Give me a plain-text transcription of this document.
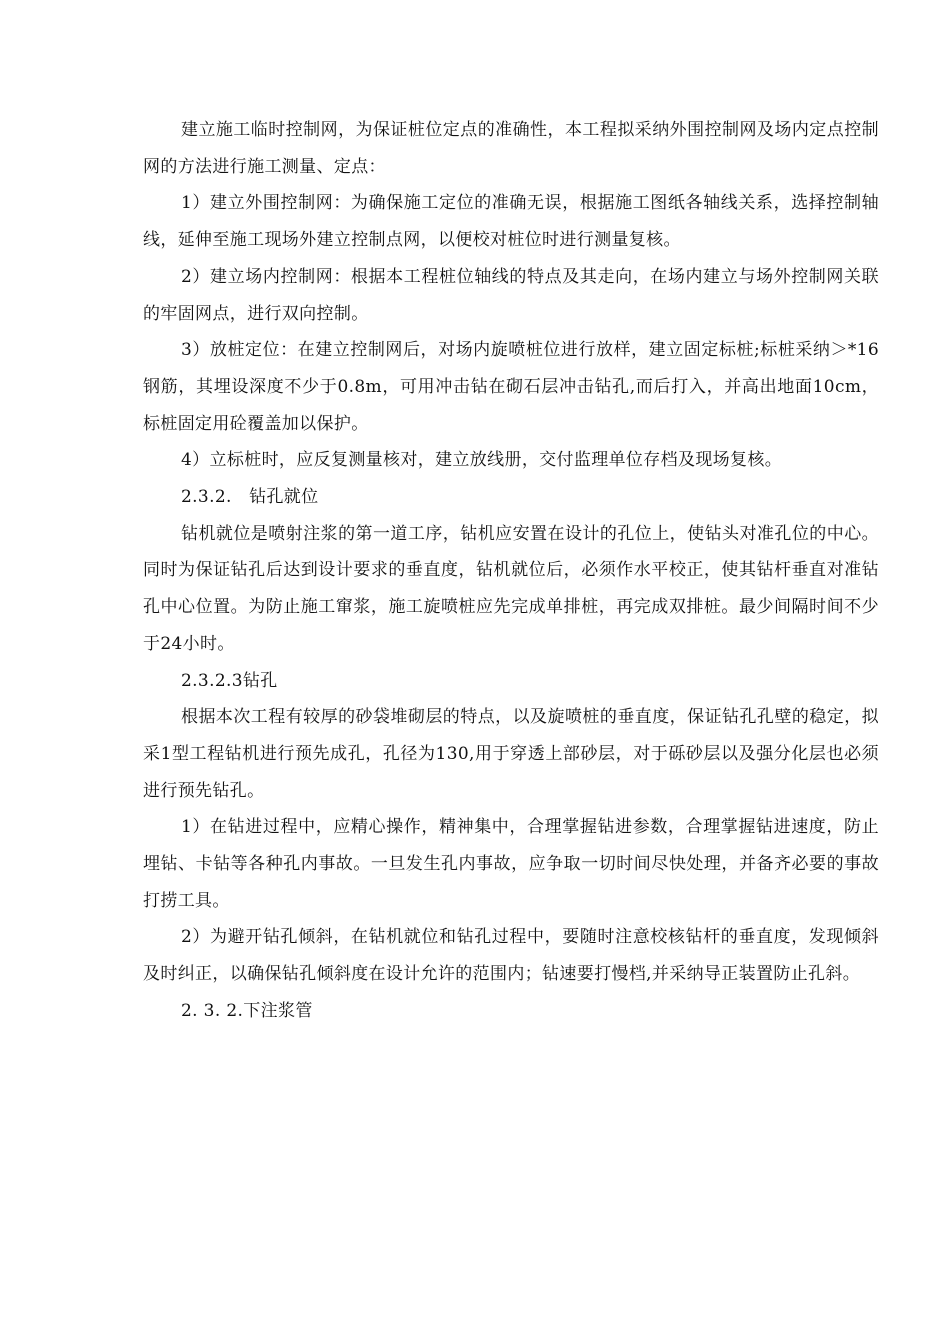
建立施工临时控制网，为保证桩位定点的准确性，本工程拟采纳外围控制网及场内定点控制网的方法进行施工测量、定点：

1）建立外围控制网：为确保施工定位的准确无误，根据施工图纸各轴线关系，选择控制轴线，延伸至施工现场外建立控制点网，以便校对桩位时进行测量复核。

2）建立场内控制网：根据本工程桩位轴线的特点及其走向，在场内建立与场外控制网关联的牢固网点，进行双向控制。

3）放桩定位：在建立控制网后，对场内旋喷桩位进行放样，建立固定标桩;标桩采纳＞*16钢筋，其埋设深度不少于0.8m，可用冲击钻在砌石层冲击钻孔,而后打入，并高出地面10cm，标桩固定用砼覆盖加以保护。

4）立标桩时，应反复测量核对，建立放线册，交付监理单位存档及现场复核。

2.3.2.　钻孔就位

钻机就位是喷射注浆的第一道工序，钻机应安置在设计的孔位上，使钻头对准孔位的中心。同时为保证钻孔后达到设计要求的垂直度，钻机就位后，必须作水平校正，使其钻杆垂直对准钻孔中心位置。为防止施工窜浆，施工旋喷桩应先完成单排桩，再完成双排桩。最少间隔时间不少于24小时。

2.3.2.3钻孔

根据本次工程有较厚的砂袋堆砌层的特点，以及旋喷桩的垂直度，保证钻孔孔壁的稳定，拟采1型工程钻机进行预先成孔，孔径为130,用于穿透上部砂层，对于砾砂层以及强分化层也必须进行预先钻孔。

1）在钻进过程中，应精心操作，精神集中，合理掌握钻进参数，合理掌握钻进速度，防止埋钻、卡钻等各种孔内事故。一旦发生孔内事故，应争取一切时间尽快处理，并备齐必要的事故打捞工具。

2）为避开钻孔倾斜，在钻机就位和钻孔过程中，要随时注意校核钻杆的垂直度，发现倾斜及时纠正，以确保钻孔倾斜度在设计允许的范围内；钻速要打慢档,并采纳导正装置防止孔斜。

2. 3. 2.下注浆管
